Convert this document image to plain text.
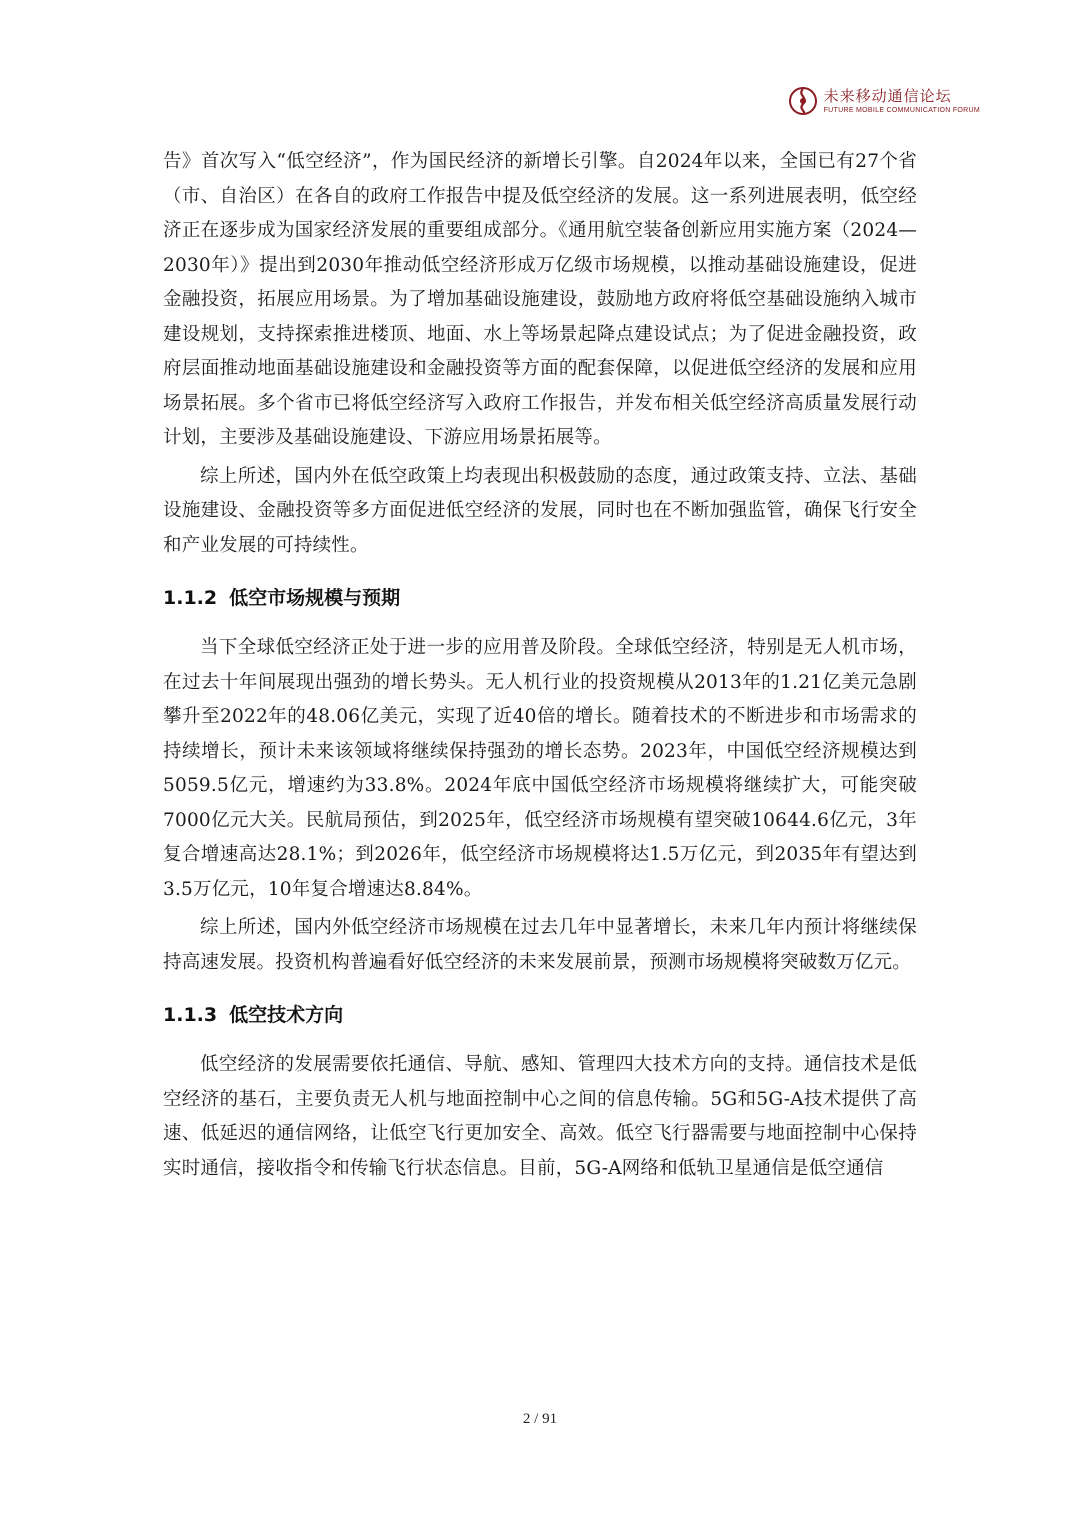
未来移动通信论坛
FUTURE MOBILE COMMUNICATION FORUM

告》首次写入“低空经济”，作为国民经济的新增长引擎。自2024年以来，全国已有27个省（市、自治区）在各自的政府工作报告中提及低空经济的发展。这一系列进展表明，低空经济正在逐步成为国家经济发展的重要组成部分。《通用航空装备创新应用实施方案（2024—2030年）》提出到2030年推动低空经济形成万亿级市场规模，以推动基础设施建设，促进金融投资，拓展应用场景。为了增加基础设施建设，鼓励地方政府将低空基础设施纳入城市建设规划，支持探索推进楼顶、地面、水上等场景起降点建设试点；为了促进金融投资，政府层面推动地面基础设施建设和金融投资等方面的配套保障，以促进低空经济的发展和应用场景拓展。多个省市已将低空经济写入政府工作报告，并发布相关低空经济高质量发展行动计划，主要涉及基础设施建设、下游应用场景拓展等。

综上所述，国内外在低空政策上均表现出积极鼓励的态度，通过政策支持、立法、基础设施建设、金融投资等多方面促进低空经济的发展，同时也在不断加强监管，确保飞行安全和产业发展的可持续性。

1.1.2 低空市场规模与预期

当下全球低空经济正处于进一步的应用普及阶段。全球低空经济，特别是无人机市场，在过去十年间展现出强劲的增长势头。无人机行业的投资规模从2013年的1.21亿美元急剧攀升至2022年的48.06亿美元，实现了近40倍的增长。随着技术的不断进步和市场需求的持续增长，预计未来该领域将继续保持强劲的增长态势。2023年，中国低空经济规模达到5059.5亿元，增速约为33.8%。2024年底中国低空经济市场规模将继续扩大，可能突破7000亿元大关。民航局预估，到2025年，低空经济市场规模有望突破10644.6亿元，3年复合增速高达28.1%；到2026年，低空经济市场规模将达1.5万亿元，到2035年有望达到3.5万亿元，10年复合增速达8.84%。

综上所述，国内外低空经济市场规模在过去几年中显著增长，未来几年内预计将继续保持高速发展。投资机构普遍看好低空经济的未来发展前景，预测市场规模将突破数万亿元。

1.1.3 低空技术方向

低空经济的发展需要依托通信、导航、感知、管理四大技术方向的支持。通信技术是低空经济的基石，主要负责无人机与地面控制中心之间的信息传输。5G和5G-A技术提供了高速、低延迟的通信网络，让低空飞行更加安全、高效。低空飞行器需要与地面控制中心保持实时通信，接收指令和传输飞行状态信息。目前，5G-A网络和低轨卫星通信是低空通信

2 / 91
